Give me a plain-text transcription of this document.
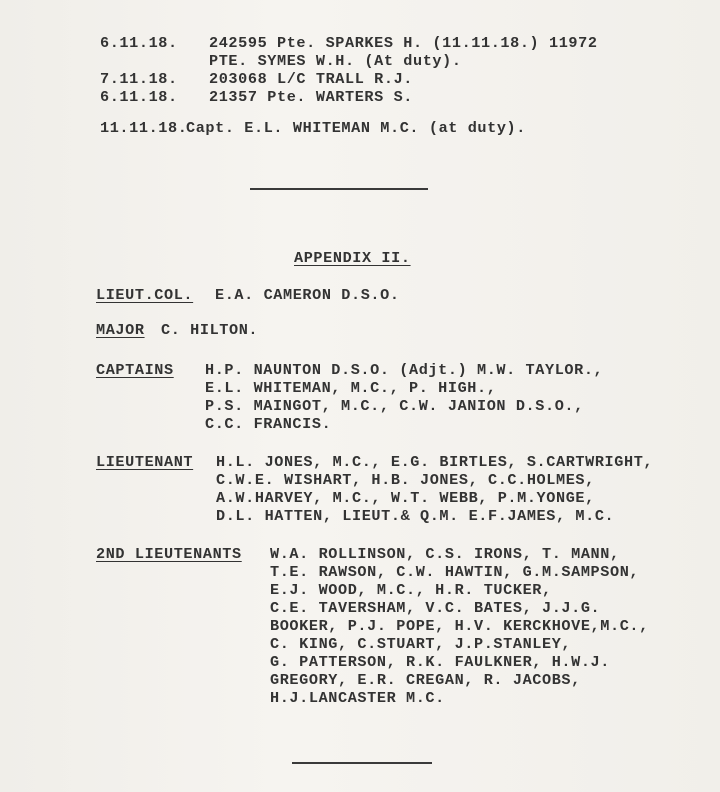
6.11.18. 242595 Pte. SPARKES H. (11.11.18.) 11972
PTE. SYMES W.H. (At duty).
7.11.18. 203068 L/C TRALL R.J.
6.11.18. 21357 Pte. WARTERS S.
11.11.18.
Capt. E.L. WHITEMAN M.C. (at duty).
APPENDIX II.
LIEUT.COL. E.A. CAMERON D.S.O.
MAJOR C. HILTON.
CAPTAINS H.P. NAUNTON D.S.O. (Adjt.) M.W. TAYLOR.,
E.L. WHITEMAN, M.C., P. HIGH.,
P.S. MAINGOT, M.C., C.W. JANION D.S.O.,
C.C. FRANCIS.
LIEUTENANT H.L. JONES, M.C., E.G. BIRTLES, S.CARTWRIGHT,
C.W.E. WISHART, H.B. JONES, C.C.HOLMES,
A.W.HARVEY, M.C., W.T. WEBB, P.M.YONGE,
D.L. HATTEN, LIEUT.& Q.M. E.F.JAMES, M.C.
2ND LIEUTENANTS W.A. ROLLINSON, C.S. IRONS, T. MANN,
T.E. RAWSON, C.W. HAWTIN, G.M.SAMPSON,
E.J. WOOD, M.C., H.R. TUCKER,
C.E. TAVERSHAM, V.C. BATES, J.J.G.
BOOKER, P.J. POPE, H.V. KERCKHOVE,M.C.,
C. KING, C.STUART, J.P.STANLEY,
G. PATTERSON, R.K. FAULKNER, H.W.J.
GREGORY, E.R. CREGAN, R. JACOBS,
H.J.LANCASTER M.C.
